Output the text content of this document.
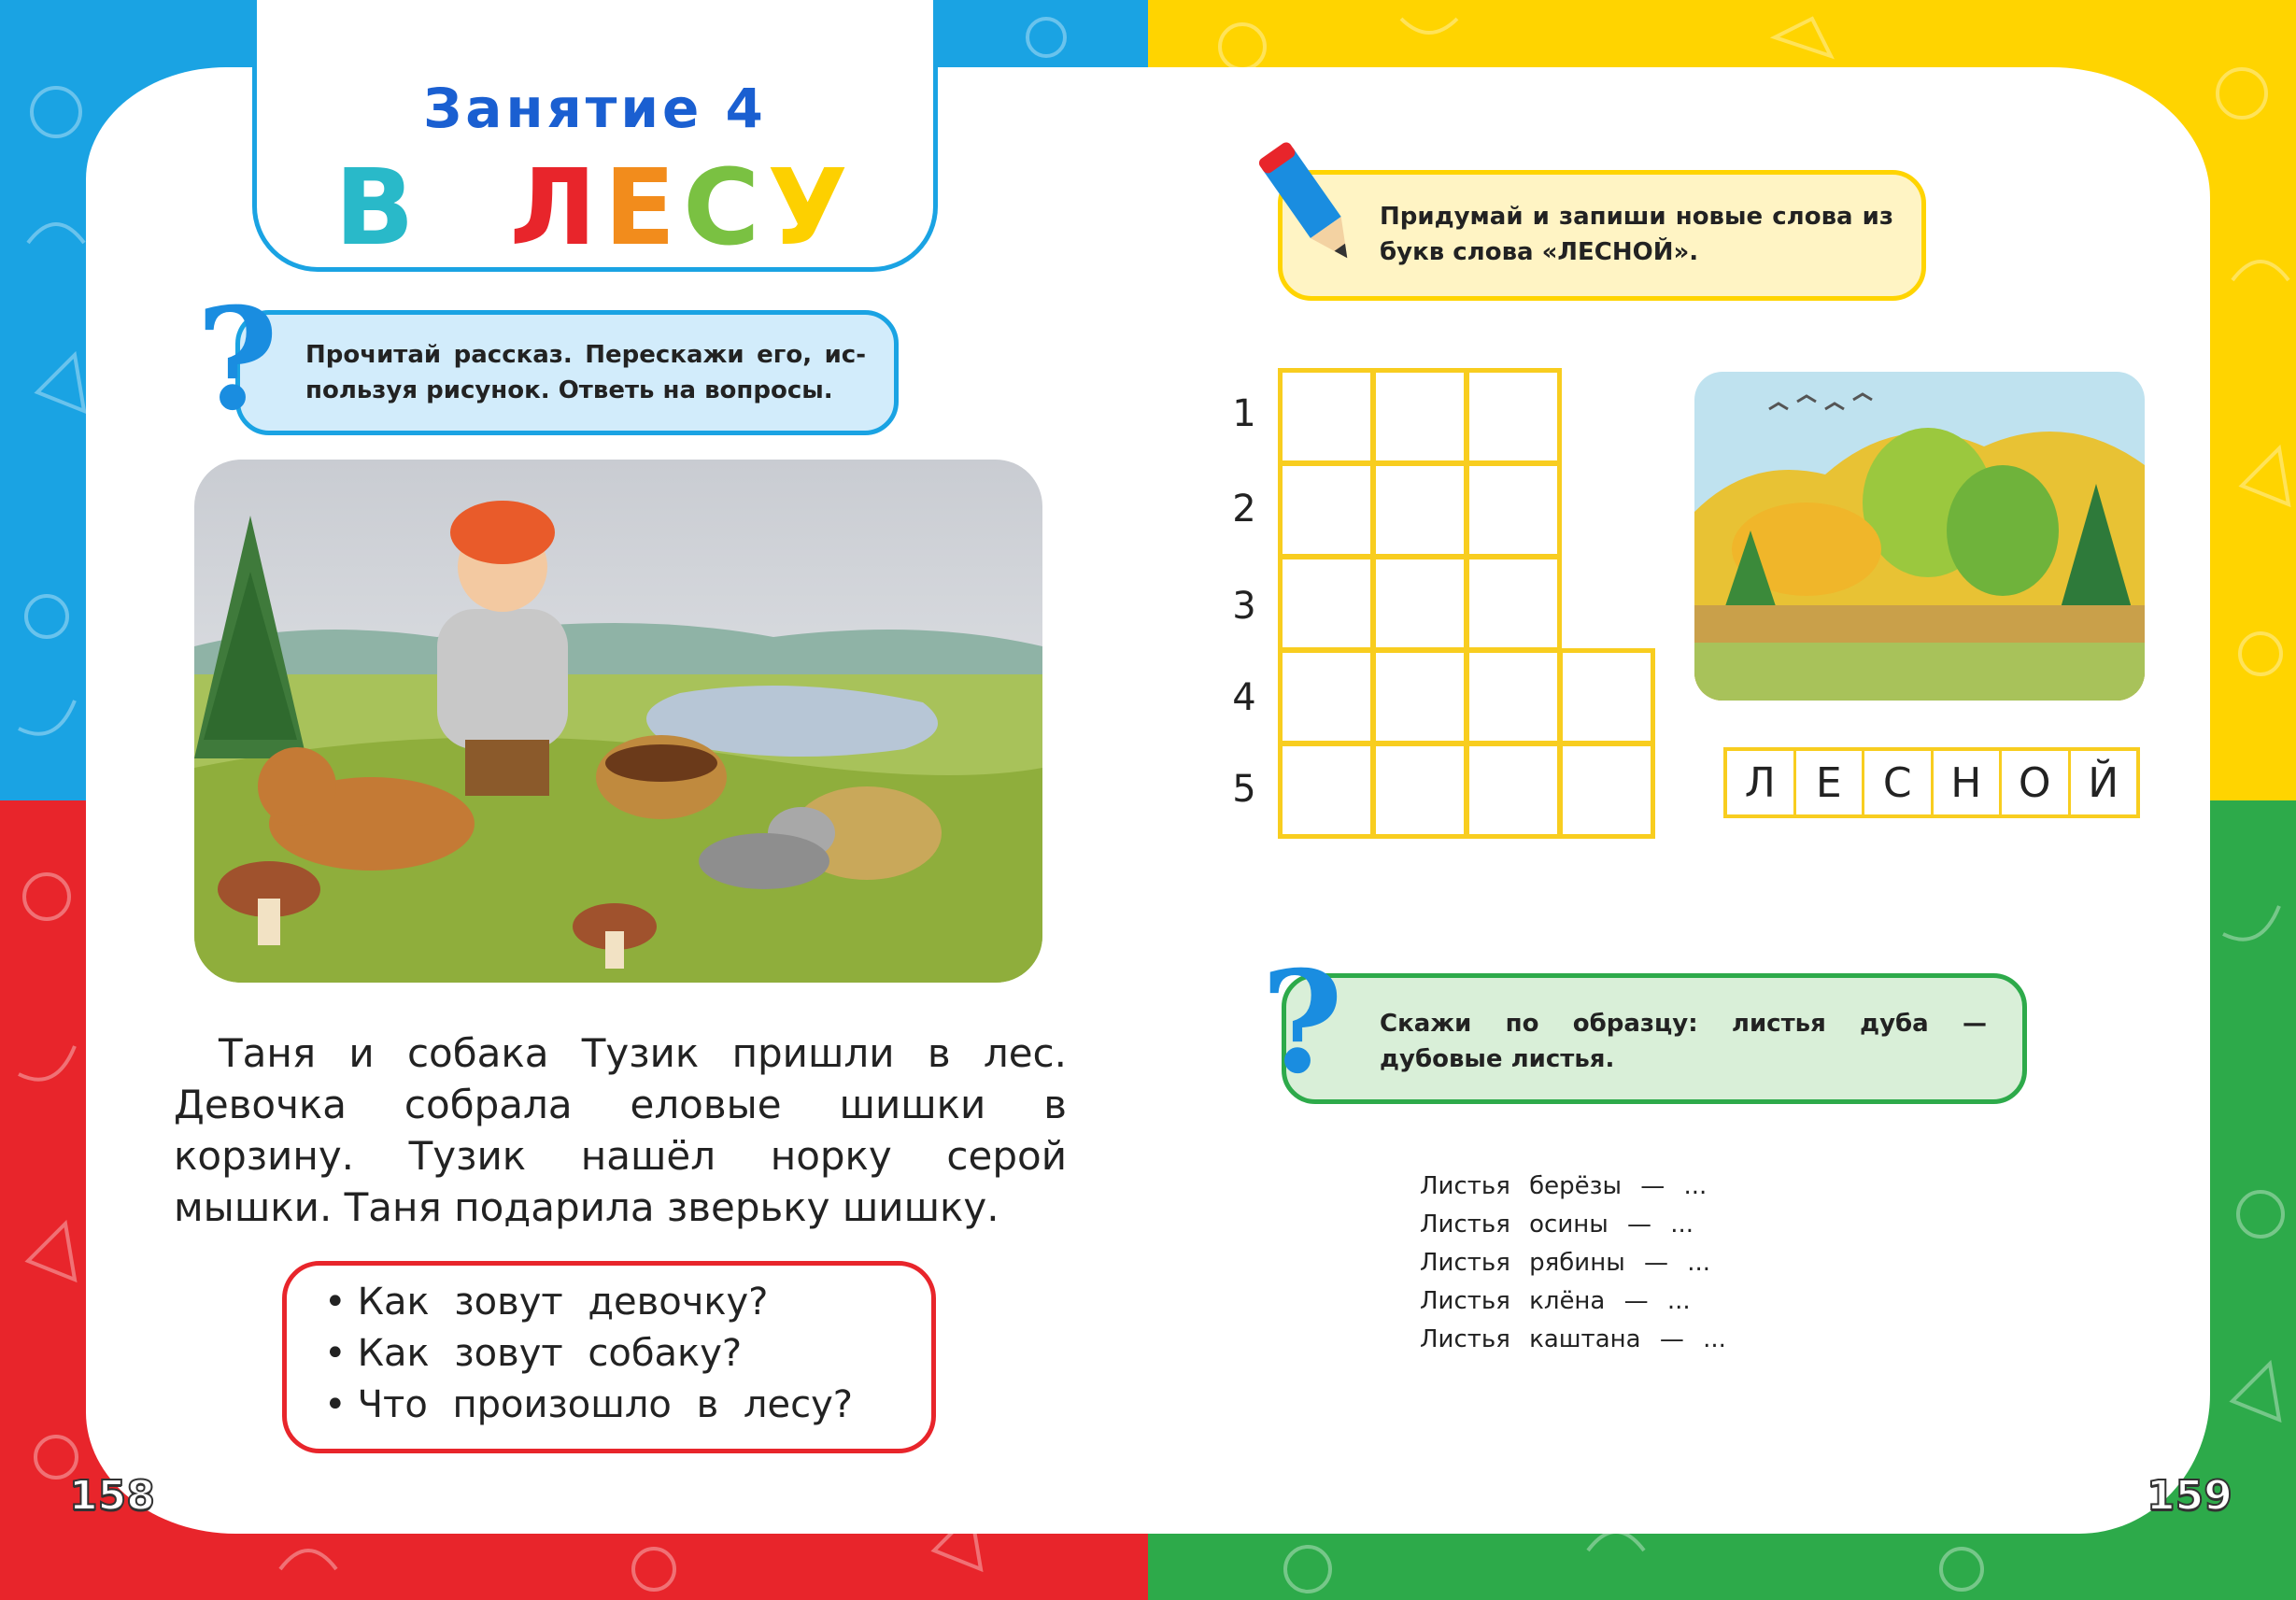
Занятие 4
В ЛЕСУ
Прочитай рассказ. Перескажи его, ис-пользуя рисунок. Ответь на вопросы.
?
Таня и собака Тузик пришли в лес. Девочка собрала еловые шишки в корзину. Тузик нашёл норку серой мышки. Таня подарила зверьку шишку.
• Как зовут девочку?
• Как зовут собаку?
• Что произошло в лесу?
158
Придумай и запиши новые слова из букв слова «ЛЕСНОЙ».
1
2
3
4
5	Л Е	С Н О Й
Скажи по образцу: листья дуба — дубовые листья.
?
Листья берёзы — ...
Листья осины — ...
Листья рябины — ...
Листья клёна — ...
Листья каштана — ...
159
